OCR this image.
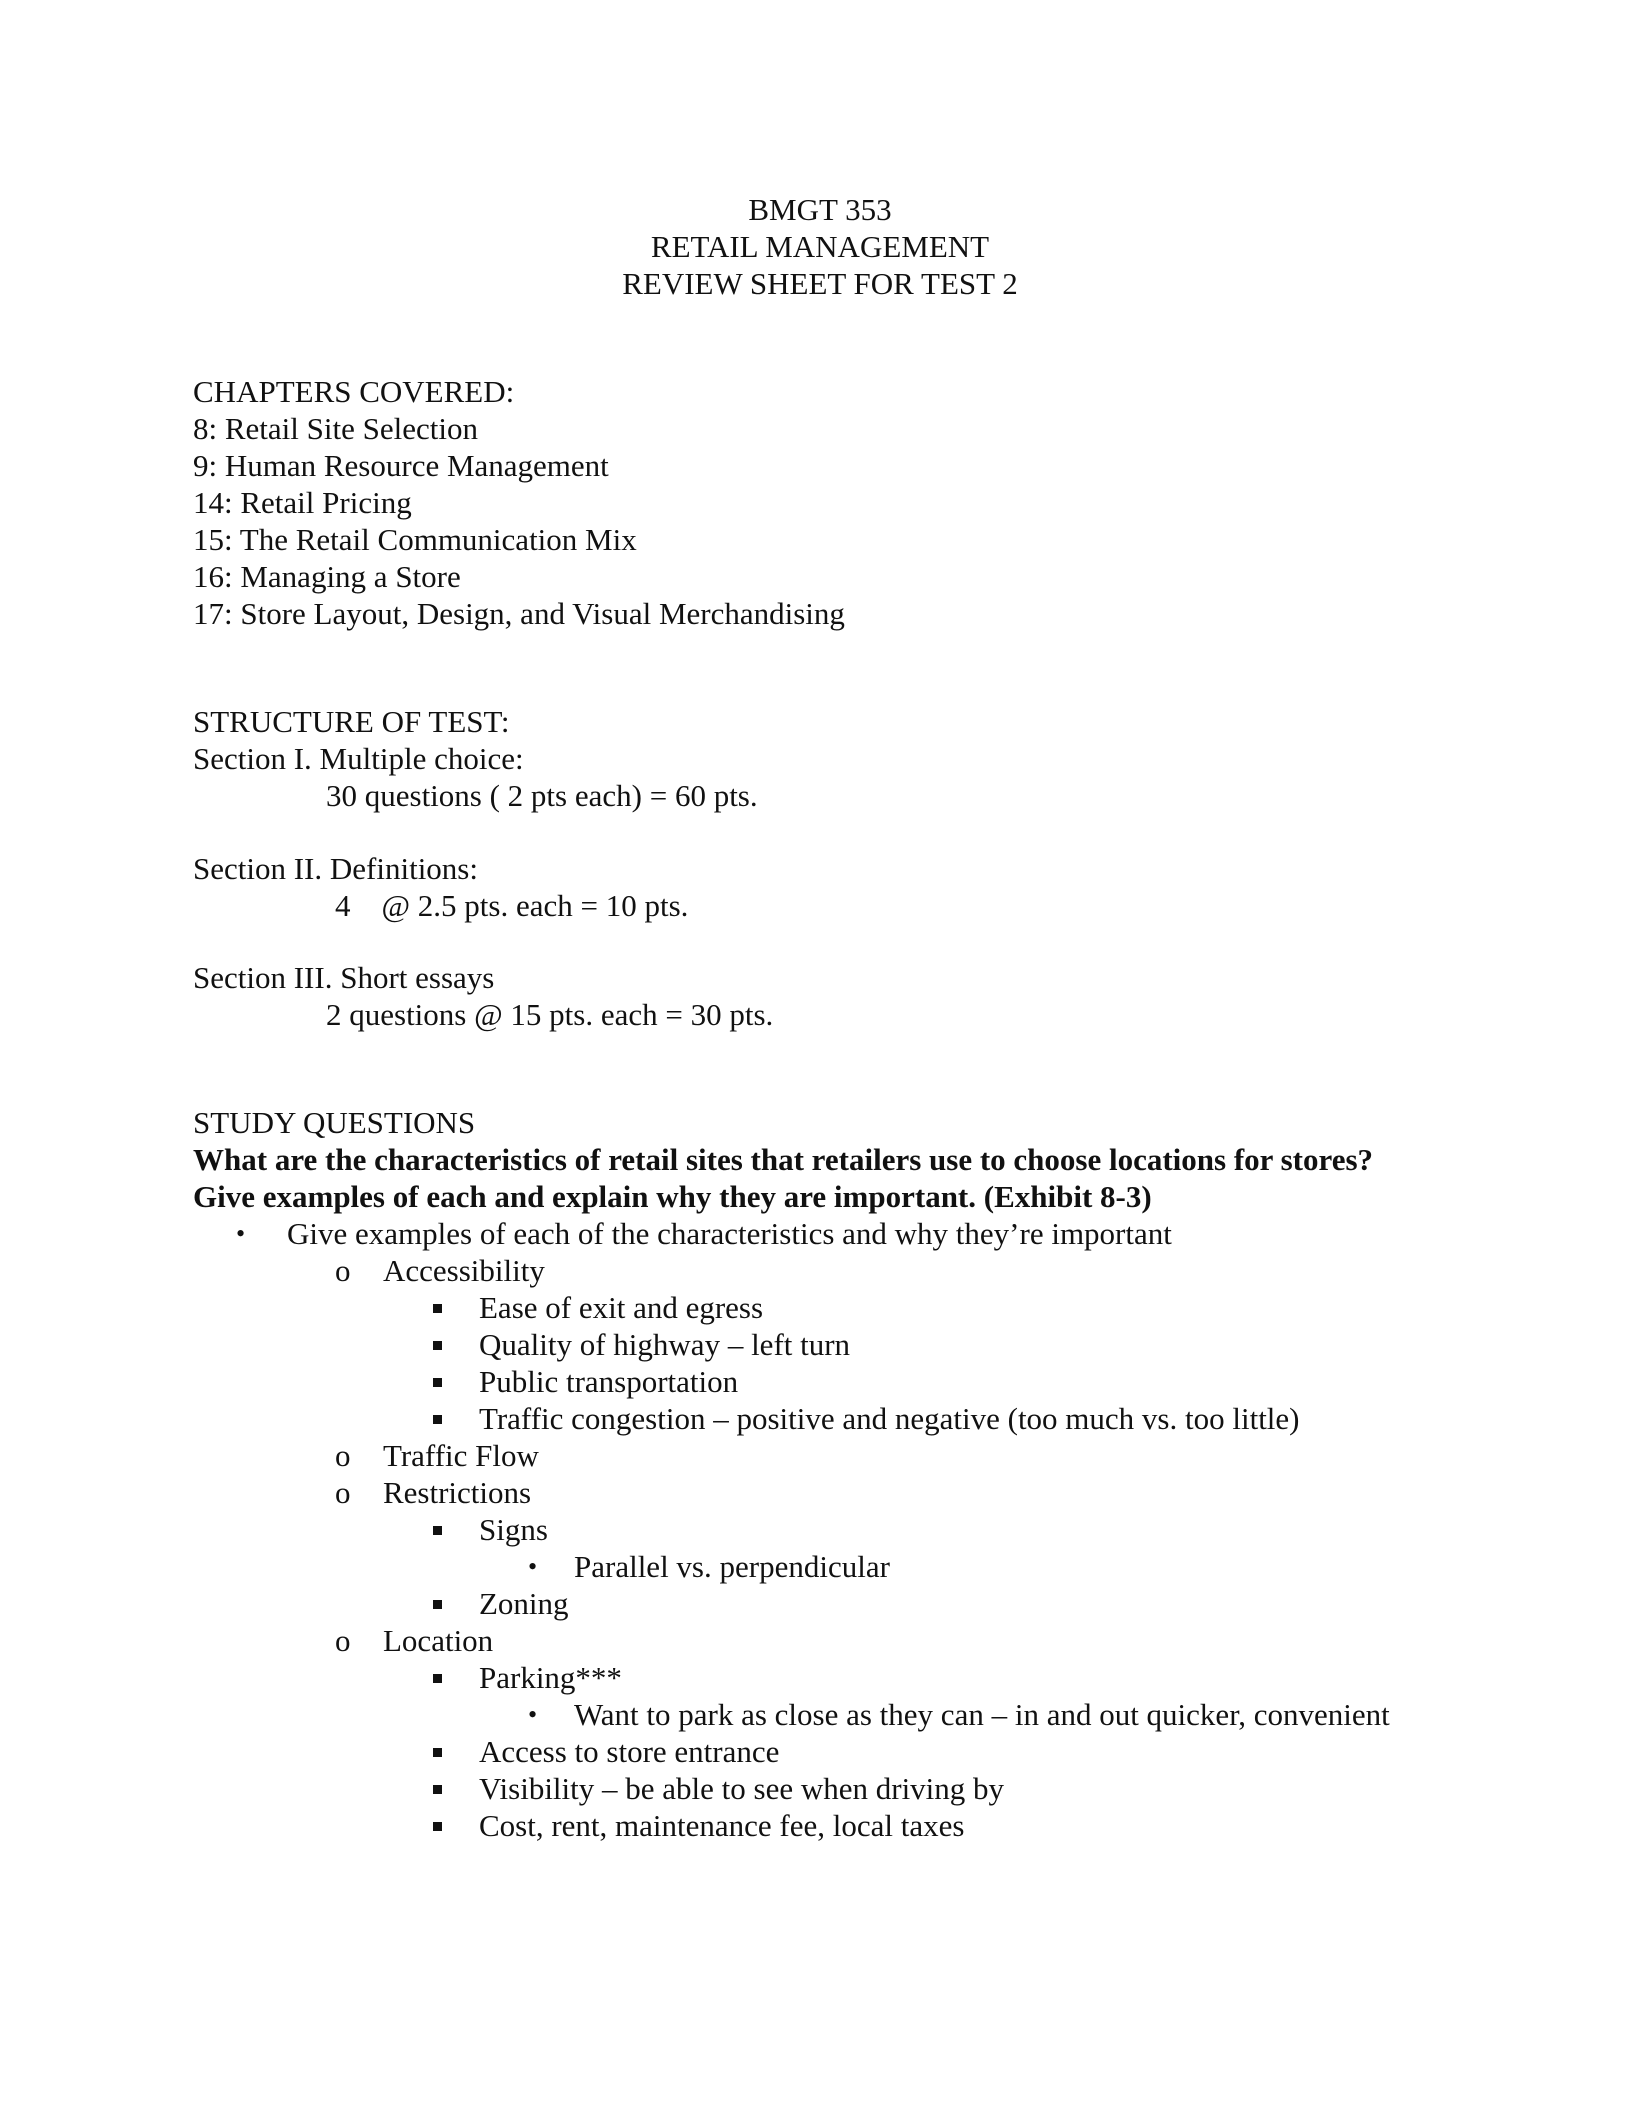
BMGT 353
RETAIL MANAGEMENT
REVIEW SHEET FOR TEST 2
CHAPTERS COVERED:
8: Retail Site Selection
9: Human Resource Management
14: Retail Pricing
15: The Retail Communication Mix
16: Managing a Store
17: Store Layout, Design, and Visual Merchandising
STRUCTURE OF TEST:
Section I. Multiple choice:
30 questions ( 2 pts each) = 60 pts.
Section II. Definitions:
4    @ 2.5 pts. each = 10 pts.
Section III. Short essays
2 questions @ 15 pts. each = 30 pts.
STUDY QUESTIONS
What are the characteristics of retail sites that retailers use to choose locations for stores?
Give examples of each and explain why they are important. (Exhibit 8-3)
• Give examples of each of the characteristics and why they’re important
o Accessibility
Ease of exit and egress
Quality of highway – left turn
Public transportation
Traffic congestion – positive and negative (too much vs. too little)
o Traffic Flow
o Restrictions
Signs
• Parallel vs. perpendicular
Zoning
o Location
Parking***
• Want to park as close as they can – in and out quicker, convenient
Access to store entrance
Visibility – be able to see when driving by
Cost, rent, maintenance fee, local taxes
